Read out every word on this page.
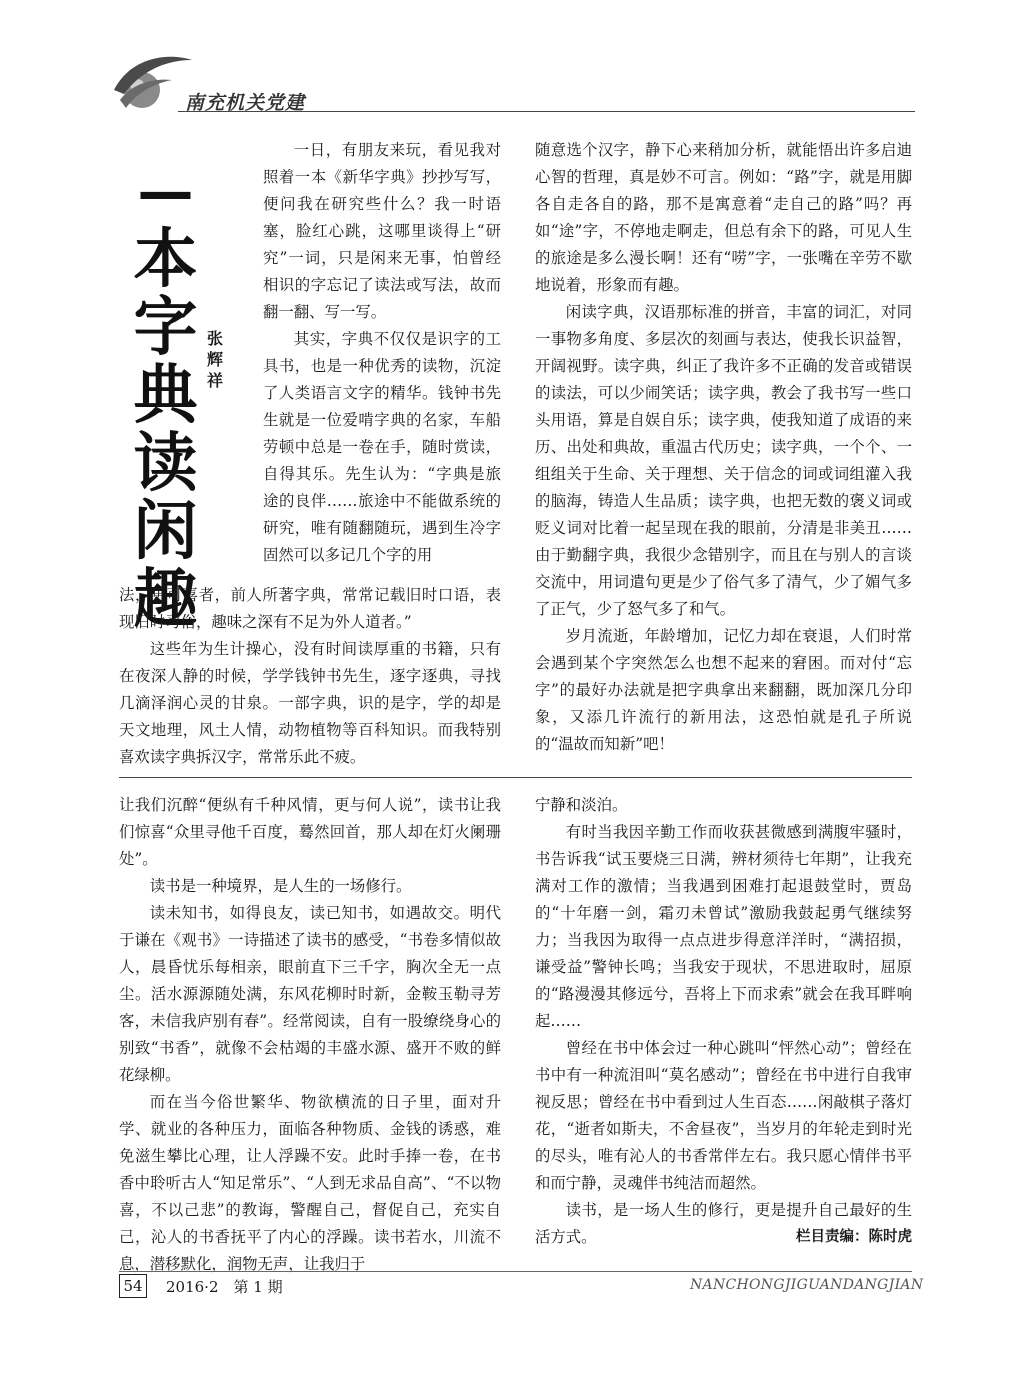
南充机关党建
—
本
字
典
读
闲
趣
张
辉
祥

一日，有朋友来玩，看见我对照着一本《新华字典》抄抄写写，便问我在研究些什么？我一时语塞，脸红心跳，这哪里谈得上“研究”一词，只是闲来无事，怕曾经相识的字忘记了读法或写法，故而翻一翻、写一写。

其实，字典不仅仅是识字的工具书，也是一种优秀的读物，沉淀了人类语言文字的精华。钱钟书先生就是一位爱啃字典的名家，车船劳顿中总是一卷在手，随时赏读，自得其乐。先生认为：“字典是旅途的良伴……旅途中不能做系统的研究，唯有随翻随玩，遇到生冷字固然可以多记几个字的用

法，更可喜者，前人所著字典，常常记载旧时口语，表现旧时习俗，趣味之深有不足为外人道者。”

这些年为生计操心，没有时间读厚重的书籍，只有在夜深人静的时候，学学钱钟书先生，逐字逐典，寻找几滴泽润心灵的甘泉。一部字典，识的是字，学的却是天文地理，风土人情，动物植物等百科知识。而我特别喜欢读字典拆汉字，常常乐此不疲。

随意选个汉字，静下心来稍加分析，就能悟出许多启迪心智的哲理，真是妙不可言。例如：“路”字，就是用脚各自走各自的路，那不是寓意着“走自己的路”吗？再如“途”字，不停地走啊走，但总有余下的路，可见人生的旅途是多么漫长啊！还有“唠”字，一张嘴在辛劳不歇地说着，形象而有趣。

闲读字典，汉语那标准的拼音，丰富的词汇，对同一事物多角度、多层次的刻画与表达，使我长识益智，开阔视野。读字典，纠正了我许多不正确的发音或错误的读法，可以少闹笑话；读字典，教会了我书写一些口头用语，算是自娱自乐；读字典，使我知道了成语的来历、出处和典故，重温古代历史；读字典，一个个、一组组关于生命、关于理想、关于信念的词或词组灌入我的脑海，铸造人生品质；读字典，也把无数的褒义词或贬义词对比着一起呈现在我的眼前，分清是非美丑……由于勤翻字典，我很少念错别字，而且在与别人的言谈交流中，用词遣句更是少了俗气多了清气，少了媚气多了正气，少了怒气多了和气。

岁月流逝，年龄增加，记忆力却在衰退，人们时常会遇到某个字突然怎么也想不起来的窘困。而对付“忘字”的最好办法就是把字典拿出来翻翻，既加深几分印象，又添几许流行的新用法，这恐怕就是孔子所说的“温故而知新”吧！

让我们沉醉“便纵有千种风情，更与何人说”，读书让我们惊喜“众里寻他千百度，蓦然回首，那人却在灯火阑珊处”。

读书是一种境界，是人生的一场修行。

读未知书，如得良友，读已知书，如遇故交。明代于谦在《观书》一诗描述了读书的感受，“书卷多情似故人，晨昏忧乐每相亲，眼前直下三千字，胸次全无一点尘。活水源源随处满，东风花柳时时新，金鞍玉勒寻芳客，未信我庐别有春”。经常阅读，自有一股缭绕身心的别致“书香”，就像不会枯竭的丰盛水源、盛开不败的鲜花绿柳。

而在当今俗世繁华、物欲横流的日子里，面对升学、就业的各种压力，面临各种物质、金钱的诱惑，难免滋生攀比心理，让人浮躁不安。此时手捧一卷，在书香中聆听古人“知足常乐”、“人到无求品自高”、“不以物喜，不以己悲”的教诲，警醒自己，督促自己，充实自己，沁人的书香抚平了内心的浮躁。读书若水，川流不息，潜移默化，润物无声，让我归于

宁静和淡泊。

有时当我因辛勤工作而收获甚微感到满腹牢骚时，书告诉我“试玉要烧三日满，辨材须待七年期”，让我充满对工作的激情；当我遇到困难打起退鼓堂时，贾岛的“十年磨一剑，霜刃未曾试”激励我鼓起勇气继续努力；当我因为取得一点点进步得意洋洋时，“满招损，谦受益”警钟长鸣；当我安于现状，不思进取时，屈原的“路漫漫其修远兮，吾将上下而求索”就会在我耳畔响起……

曾经在书中体会过一种心跳叫“怦然心动”；曾经在书中有一种流泪叫“莫名感动”；曾经在书中进行自我审视反思；曾经在书中看到过人生百态……闲敲棋子落灯花，“逝者如斯夫，不舍昼夜”，当岁月的年轮走到时光的尽头，唯有沁人的书香常伴左右。我只愿心情伴书平和而宁静，灵魂伴书纯洁而超然。

读书，是一场人生的修行，更是提升自己最好的生活方式。	栏目责编：陈时虎

54 2016·2　第 1 期	NANCHONGJIGUANDANGJIAN
